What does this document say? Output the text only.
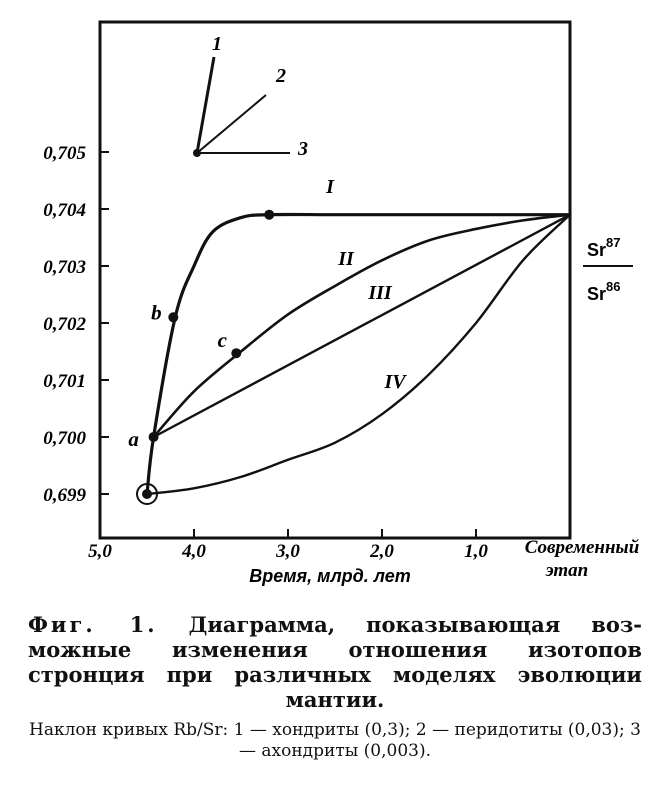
0,699
0,700
0,701
0,702
0,703
0,704
0,705
5,0	4,0	3,0	2,0	1,0
I
II
III
IV
a
b
c
1
2
3
Современный
этап
Время, млрд. лет
Sr$^{87}$
Sr$^{86}$

Фиг. 1. Диаграмма, показывающая воз-можные изменения отношения изотопов стронция при различных моделях эволюции мантии.

Наклон кривых Rb/Sr: 1 — хондриты (0,3); 2 — перидотиты (0,03); 3 — ахондриты (0,003).
